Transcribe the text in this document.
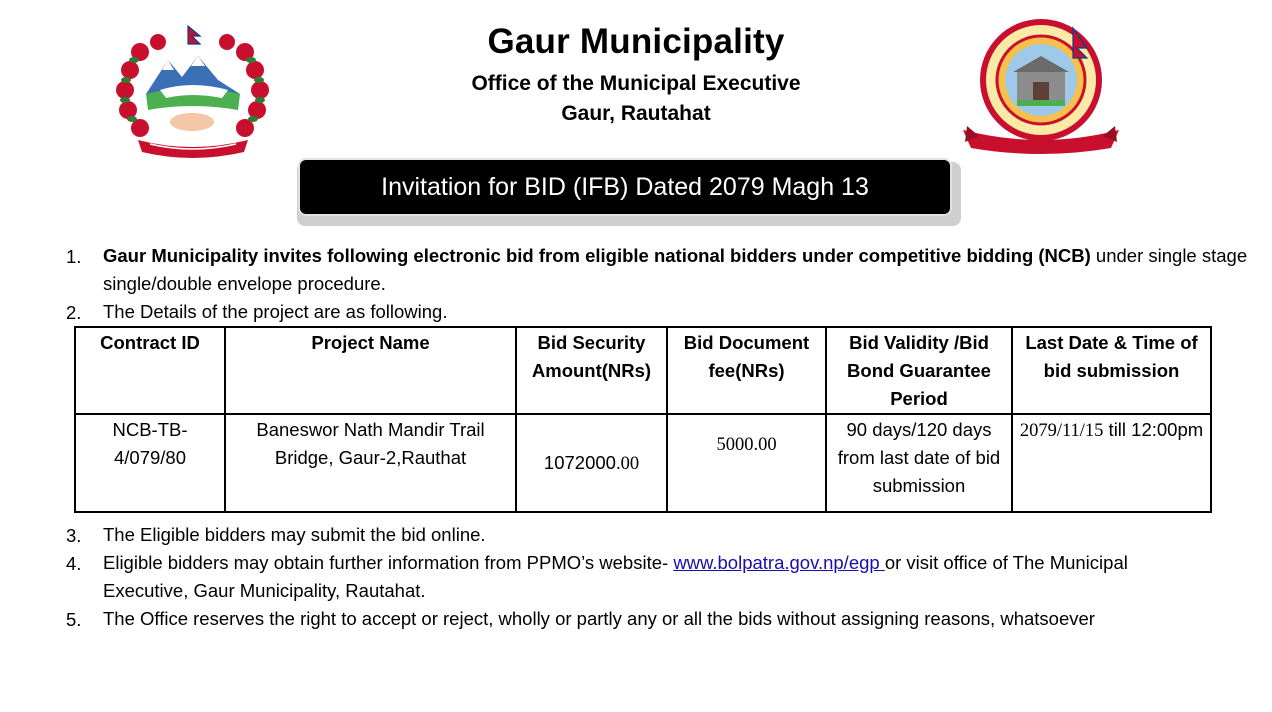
Gaur Municipality
Office of the Municipal Executive
Gaur, Rautahat
Invitation for BID (IFB) Dated 2079 Magh 13
1. Gaur Municipality invites following electronic bid from eligible national bidders under competitive bidding (NCB) under single stage single/double envelope procedure.
2. The Details of the project are as following.
Contract ID	Project Name	Bid Security Amount(NRs)	Bid Document fee(NRs)	Bid Validity /Bid Bond Guarantee Period	Last Date & Time of bid submission
NCB-TB-4/079/80	Baneswor Nath Mandir Trail Bridge, Gaur-2,Rauthat	1072000.00	5000.00	90 days/120 days from last date of bid submission	2079/11/15 till 12:00pm
3. The Eligible bidders may submit the bid online.
4. Eligible bidders may obtain further information from PPMO’s website- www.bolpatra.gov.np/egp or visit office of The Municipal Executive, Gaur Municipality, Rautahat.
5. The Office reserves the right to accept or reject, wholly or partly any or all the bids without assigning reasons, whatsoever
